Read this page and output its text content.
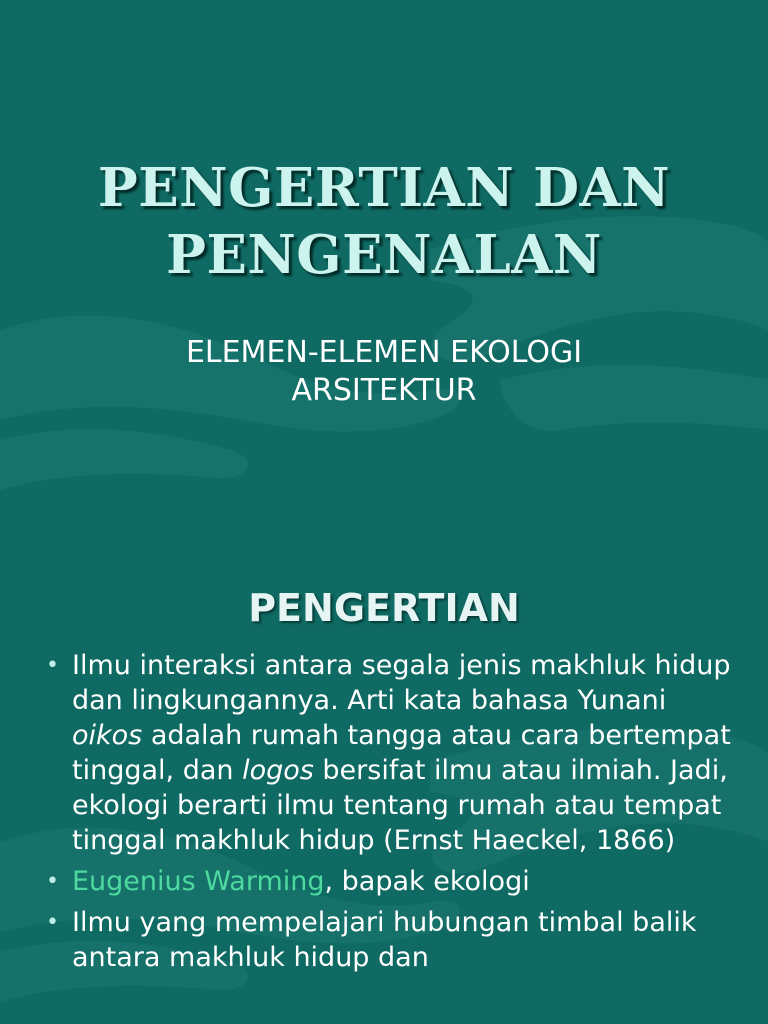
PENGERTIAN DAN
PENGENALAN

ELEMEN-ELEMEN EKOLOGI
ARSITEKTUR

PENGERTIAN
• Ilmu interaksi antara segala jenis makhluk hidup dan lingkungannya. Arti kata bahasa Yunani oikos adalah rumah tangga atau cara bertempat tinggal, dan logos bersifat ilmu atau ilmiah. Jadi, ekologi berarti ilmu tentang rumah atau tempat tinggal makhluk hidup (Ernst Haeckel, 1866)
• Eugenius Warming, bapak ekologi
• Ilmu yang mempelajari hubungan timbal balik antara makhluk hidup dan
